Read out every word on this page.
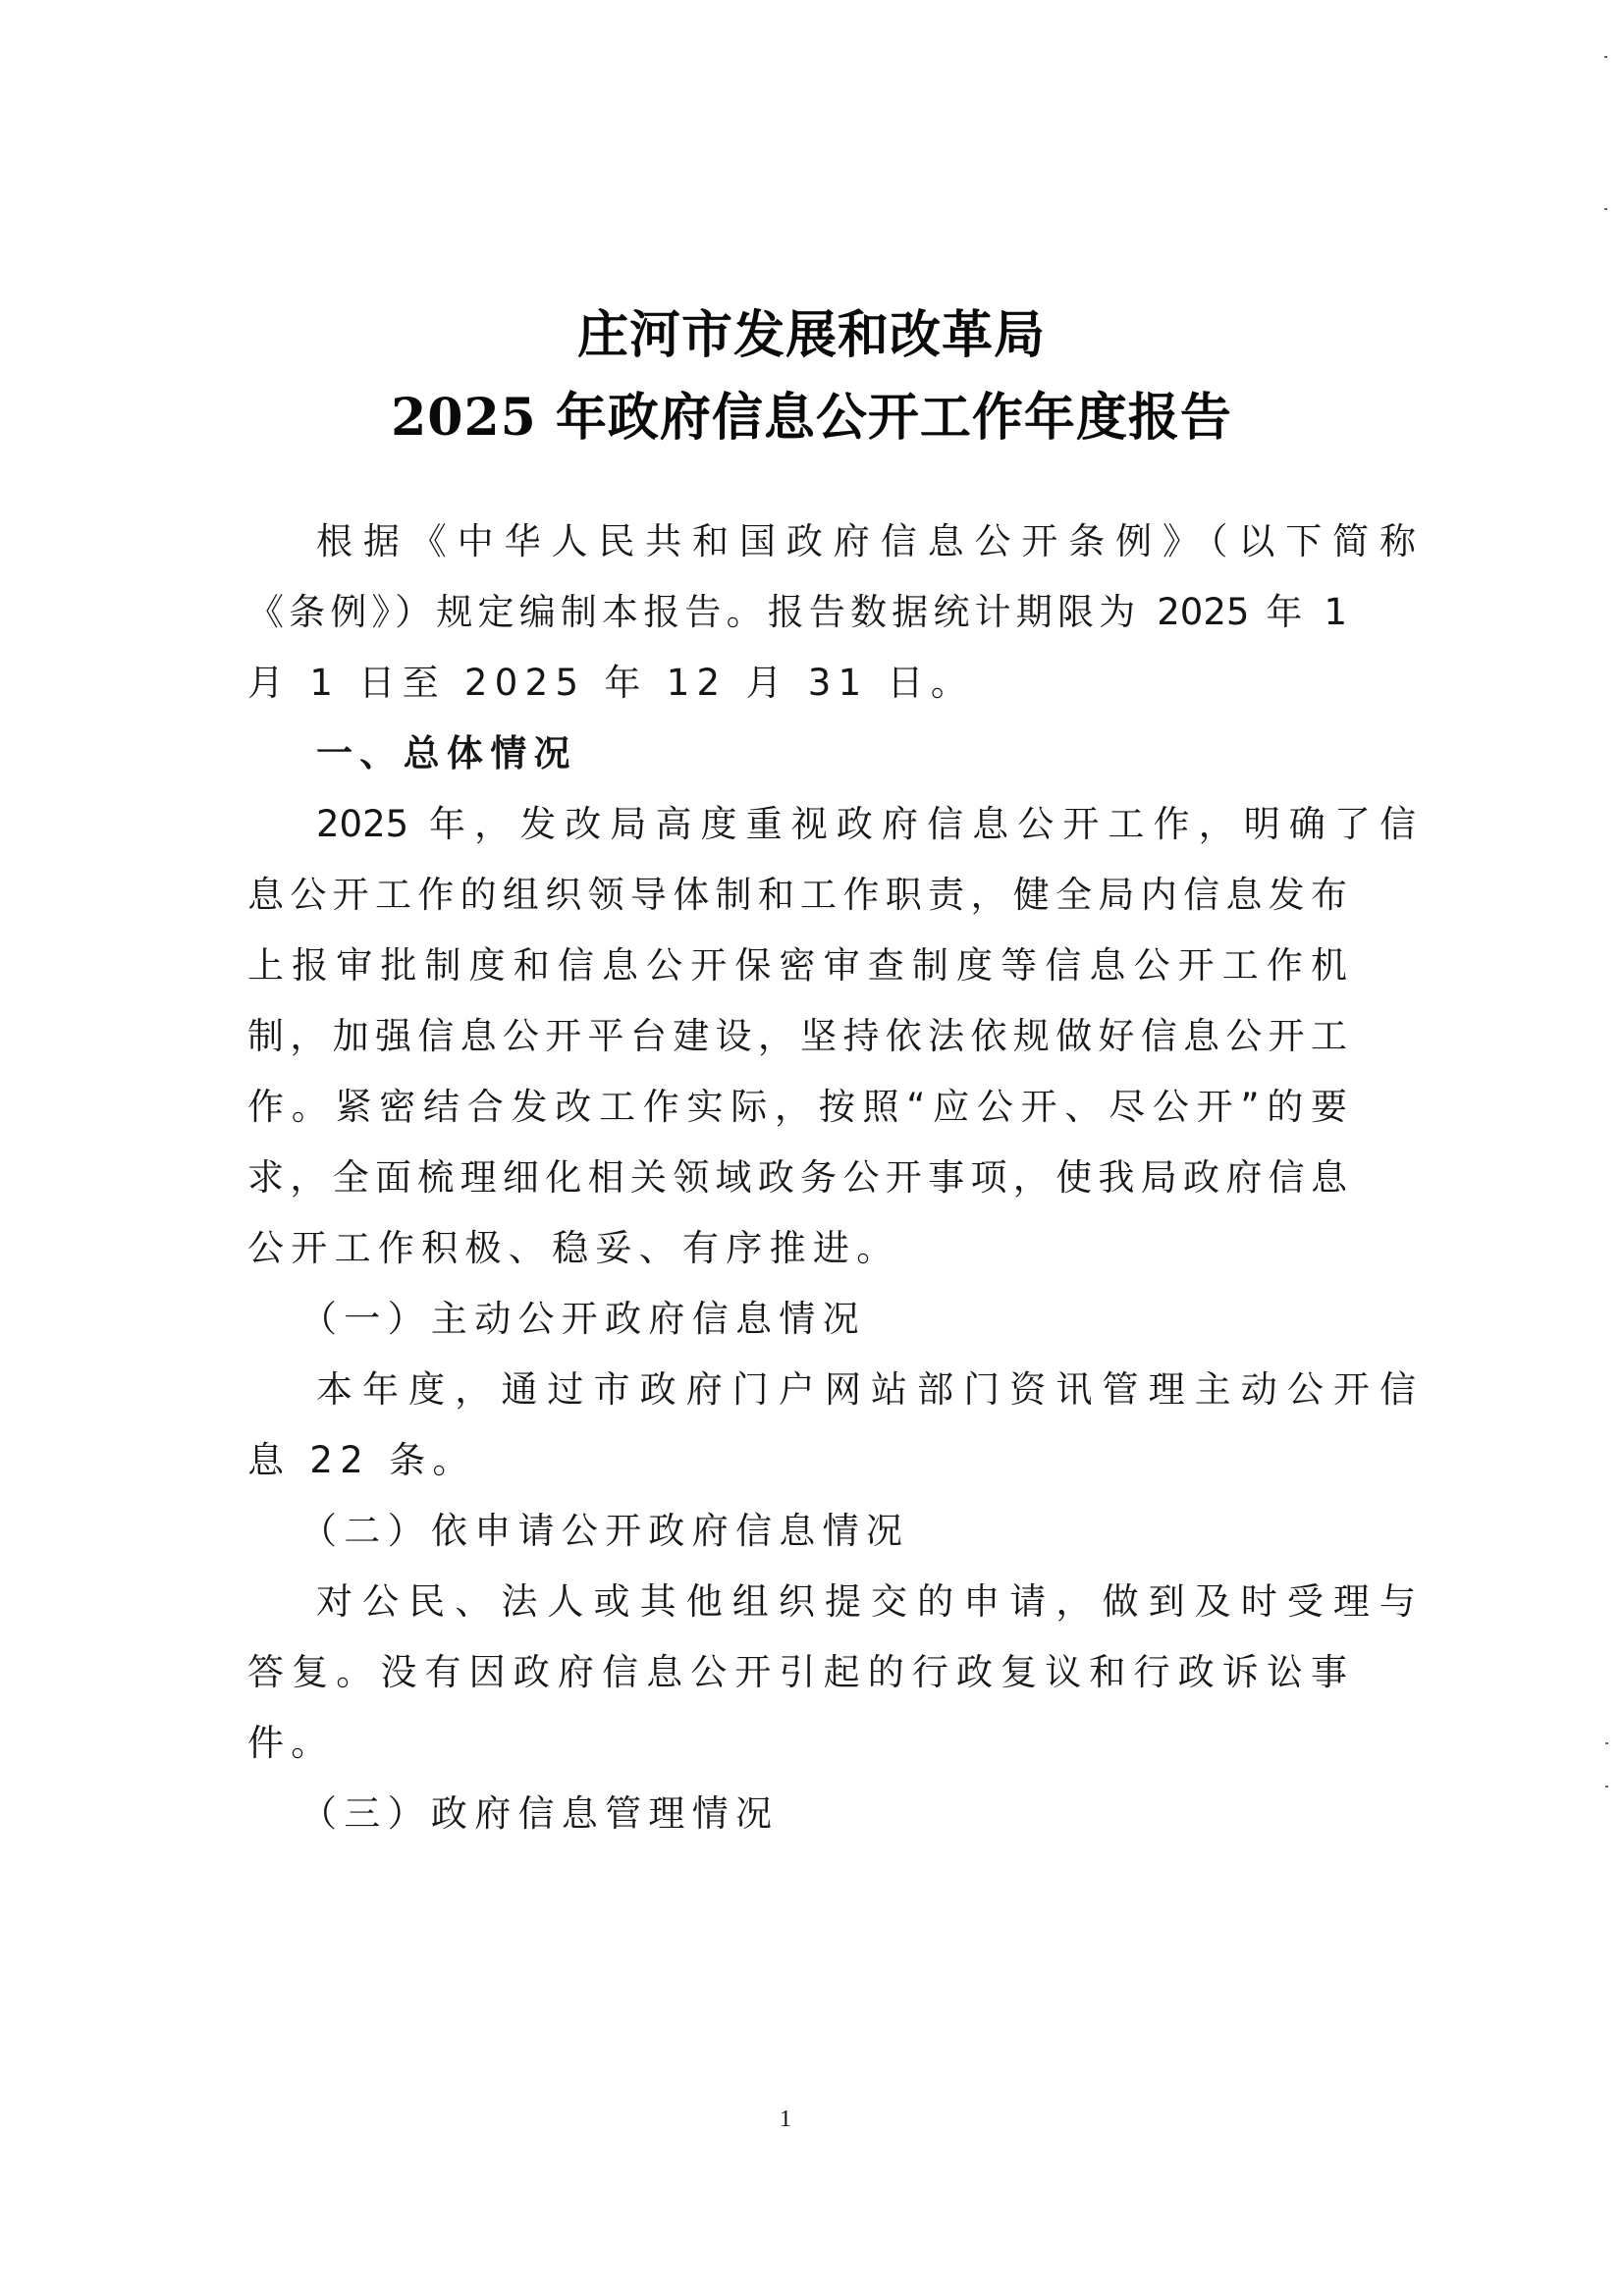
庄河市发展和改革局
2025 年政府信息公开工作年度报告
根据《中华人民共和国政府信息公开条例》（以下简称
《条例》）规定编制本报告。报告数据统计期限为 2025 年 1
月 1 日至 2025 年 12 月 31 日。
一、总体情况
2025 年，发改局高度重视政府信息公开工作，明确了信
息公开工作的组织领导体制和工作职责，健全局内信息发布
上报审批制度和信息公开保密审查制度等信息公开工作机
制，加强信息公开平台建设，坚持依法依规做好信息公开工
作。紧密结合发改工作实际，按照“应公开、尽公开”的要
求，全面梳理细化相关领域政务公开事项，使我局政府信息
公开工作积极、稳妥、有序推进。
（一）主动公开政府信息情况
本年度，通过市政府门户网站部门资讯管理主动公开信
息 22 条。
（二）依申请公开政府信息情况
对公民、法人或其他组织提交的申请，做到及时受理与
答复。没有因政府信息公开引起的行政复议和行政诉讼事
件。
（三）政府信息管理情况
1
